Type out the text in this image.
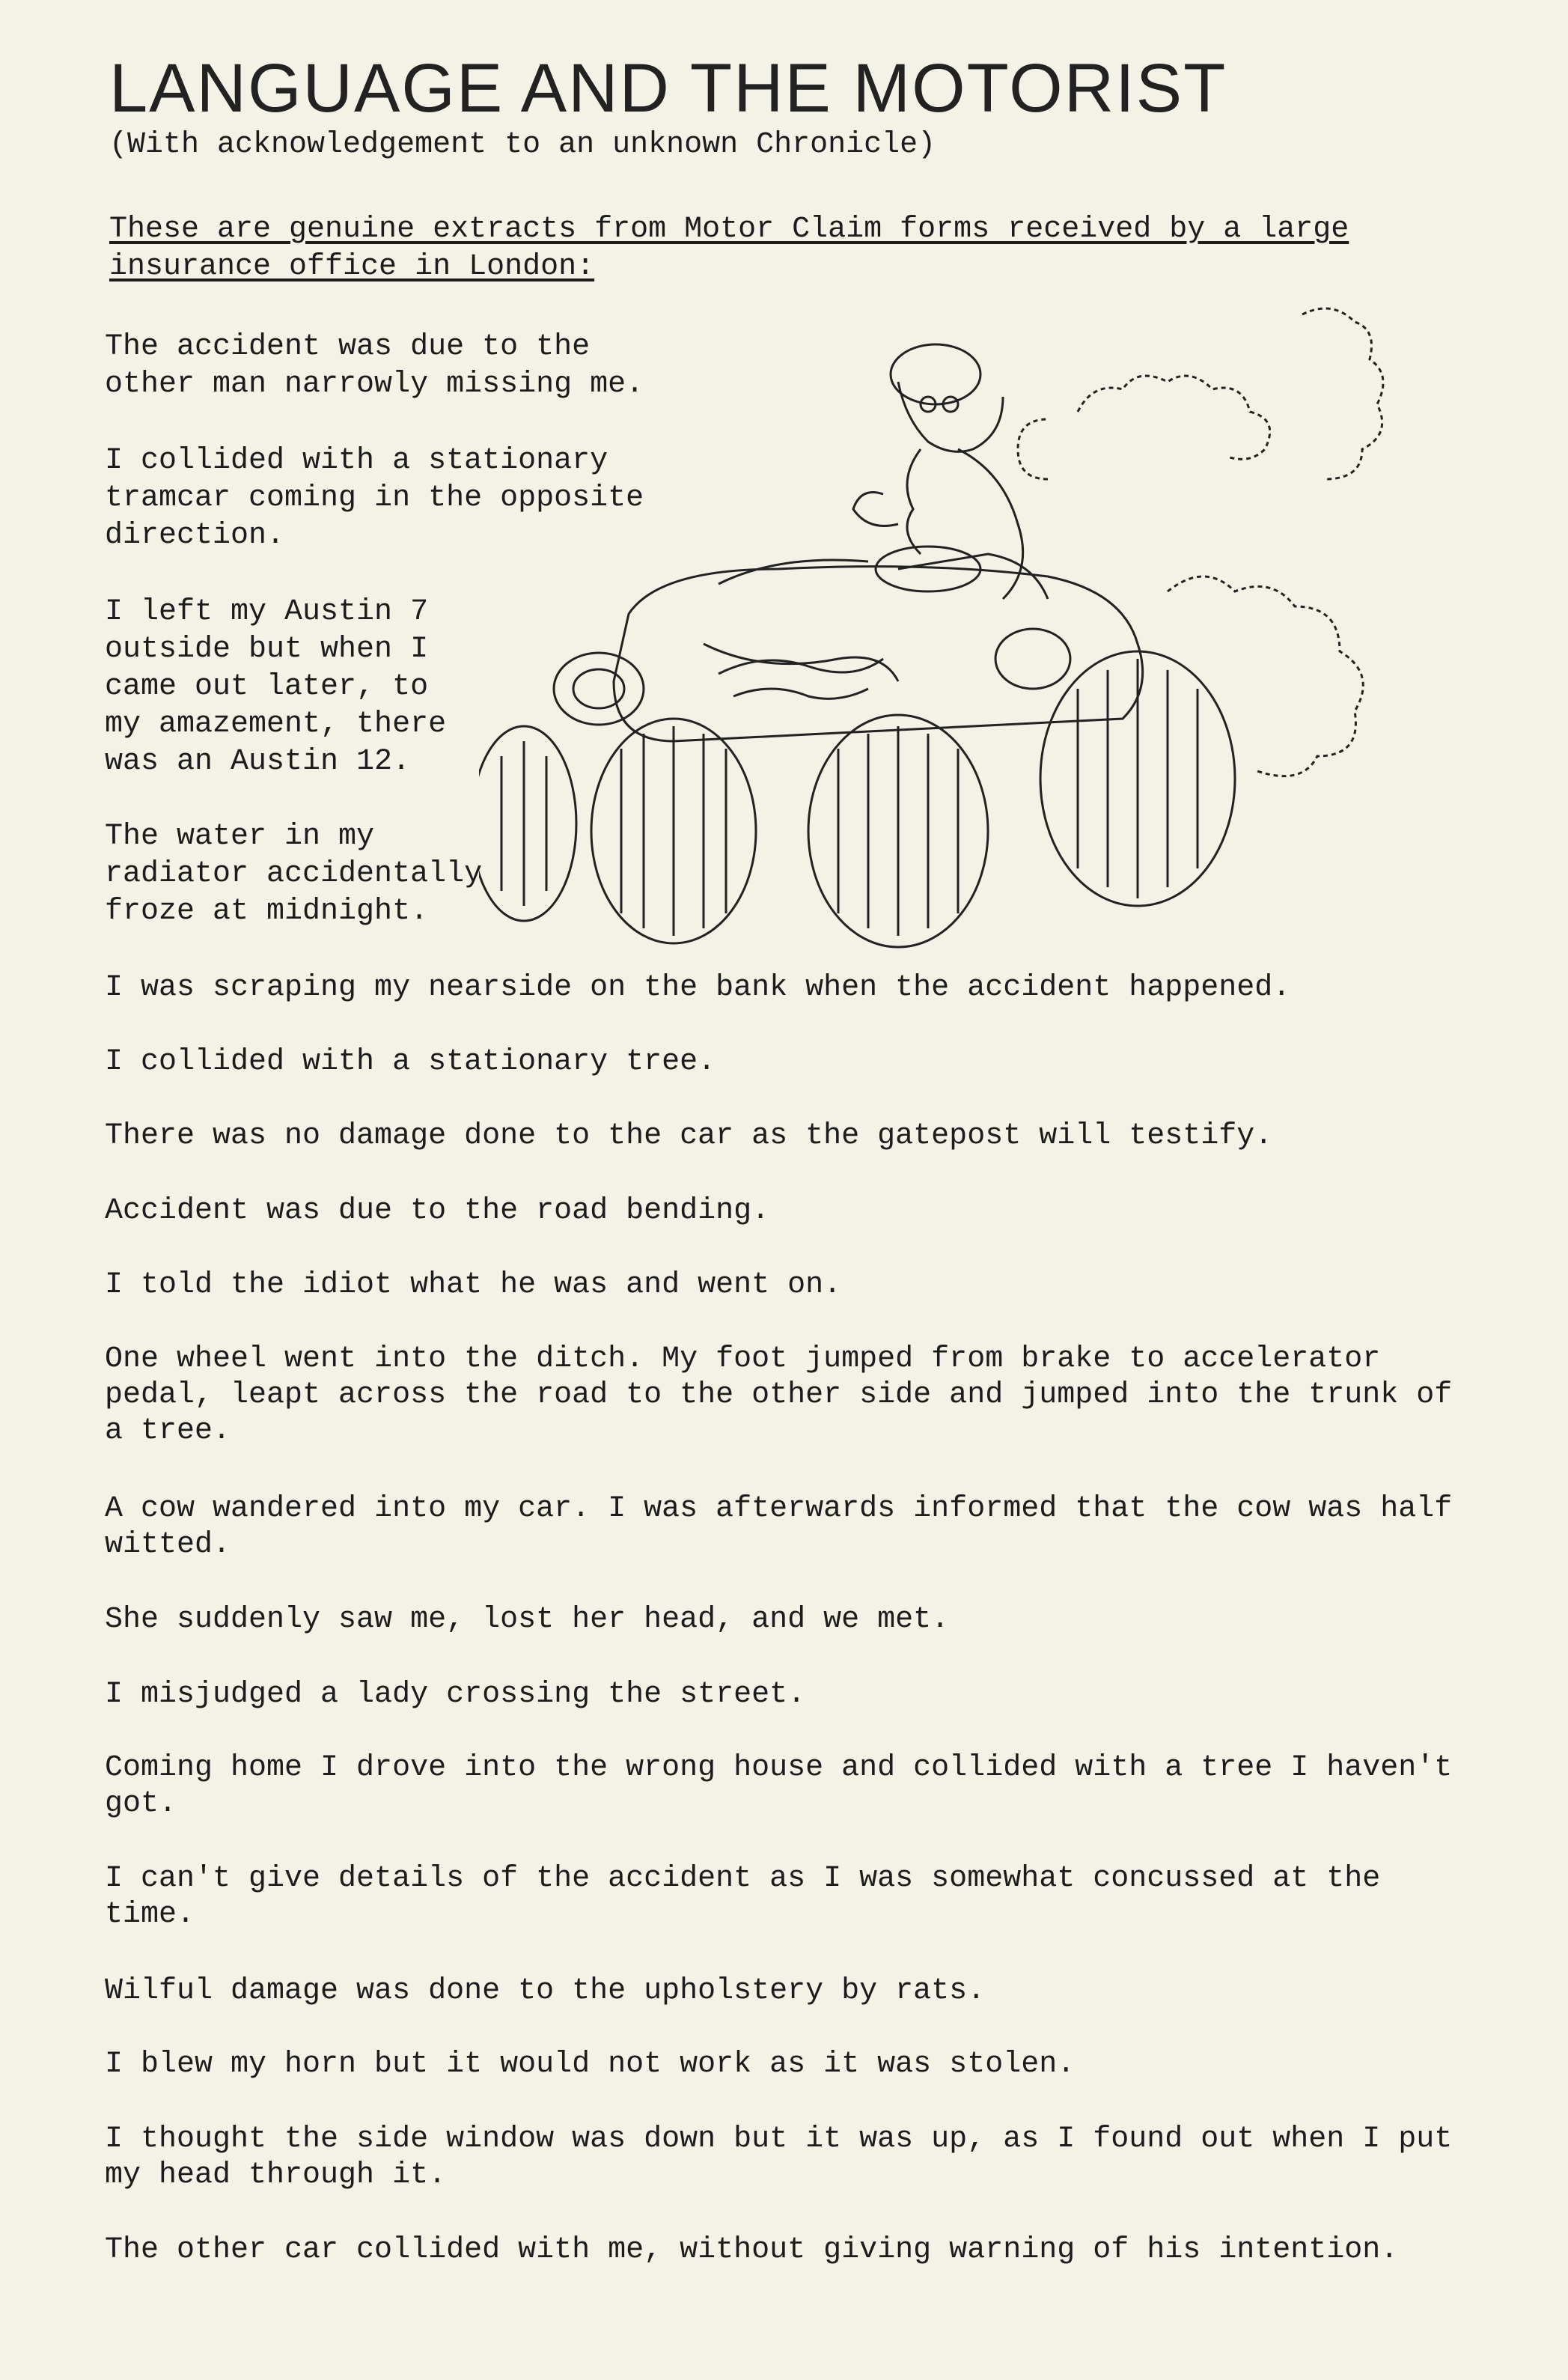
LANGUAGE AND THE MOTORIST
(With acknowledgement to an unknown Chronicle)
These are genuine extracts from Motor Claim forms received by a large insurance office in London:
The accident was due to the
other man narrowly missing me.
I collided with a stationary
tramcar coming in the opposite
direction.
I left my Austin 7
outside but when I
came out later, to
my amazement, there
was an Austin 12.
The water in my
radiator accidentally
froze at midnight.
I was scraping my nearside on the bank when the accident happened.
I collided with a stationary tree.
There was no damage done to the car as the gatepost will testify.
Accident was due to the road bending.
I told the idiot what he was and went on.
One wheel went into the ditch. My foot jumped from brake to accelerator pedal, leapt across the road to the other side and jumped into the trunk of a tree.
A cow wandered into my car. I was afterwards informed that the cow was half witted.
She suddenly saw me, lost her head, and we met.
I misjudged a lady crossing the street.
Coming home I drove into the wrong house and collided with a tree I haven't got.
I can't give details of the accident as I was somewhat concussed at the time.
Wilful damage was done to the upholstery by rats.
I blew my horn but it would not work as it was stolen.
I thought the side window was down but it was up, as I found out when I put my head through it.
The other car collided with me, without giving warning of his intention.
